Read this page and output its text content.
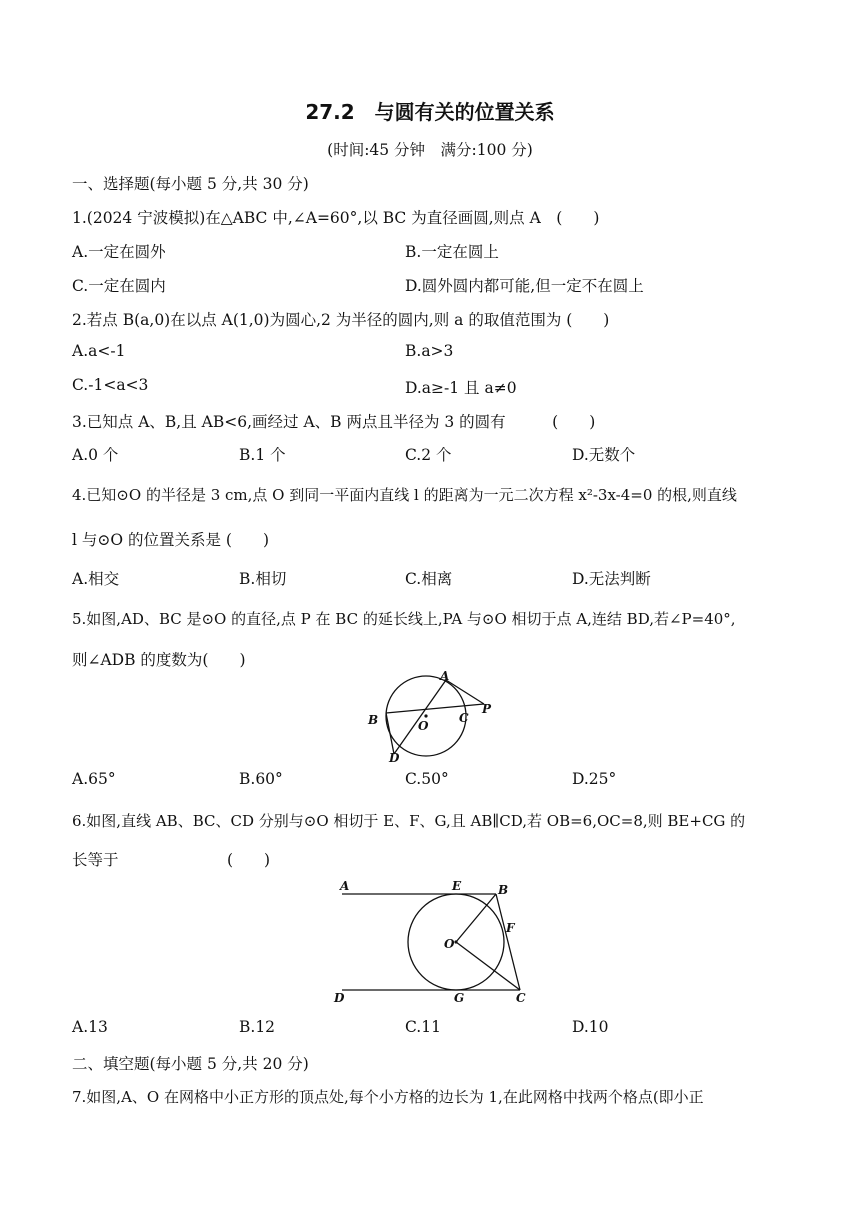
27.2　与圆有关的位置关系
(时间:45 分钟　满分:100 分)
一、选择题(每小题 5 分,共 30 分)
1.(2024 宁波模拟)在△ABC 中,∠A=60°,以 BC 为直径画圆,则点 A　(　　)
A.一定在圆外	B.一定在圆上
C.一定在圆内	D.圆外圆内都可能,但一定不在圆上
2.若点 B(a,0)在以点 A(1,0)为圆心,2 为半径的圆内,则 a 的取值范围为 (　　)
A.a<-1	B.a>3
C.-1<a<3	D.a≥-1 且 a≠0
3.已知点 A、B,且 AB<6,画经过 A、B 两点且半径为 3 的圆有　　　(　　)
A.0 个	B.1 个	C.2 个	D.无数个
4.已知⊙O 的半径是 3 cm,点 O 到同一平面内直线 l 的距离为一元二次方程 x²-3x-4=0 的根,则直线
l 与⊙O 的位置关系是 (　　)
A.相交	B.相切	C.相离	D.无法判断
5.如图,AD、BC 是⊙O 的直径,点 P 在 BC 的延长线上,PA 与⊙O 相切于点 A,连结 BD,若∠P=40°,
则∠ADB 的度数为(　　)
A
B	C
D
O
P
A.65°	B.60°	C.50°	D.25°
6.如图,直线 AB、BC、CD 分别与⊙O 相切于 E、F、G,且 AB∥CD,若 OB=6,OC=8,则 BE+CG 的
长等于　　　　　　　(　　)
A	B
C
D
E
F
G
O
A.13	B.12	C.11	D.10
二、填空题(每小题 5 分,共 20 分)
7.如图,A、O 在网格中小正方形的顶点处,每个小方格的边长为 1,在此网格中找两个格点(即小正
